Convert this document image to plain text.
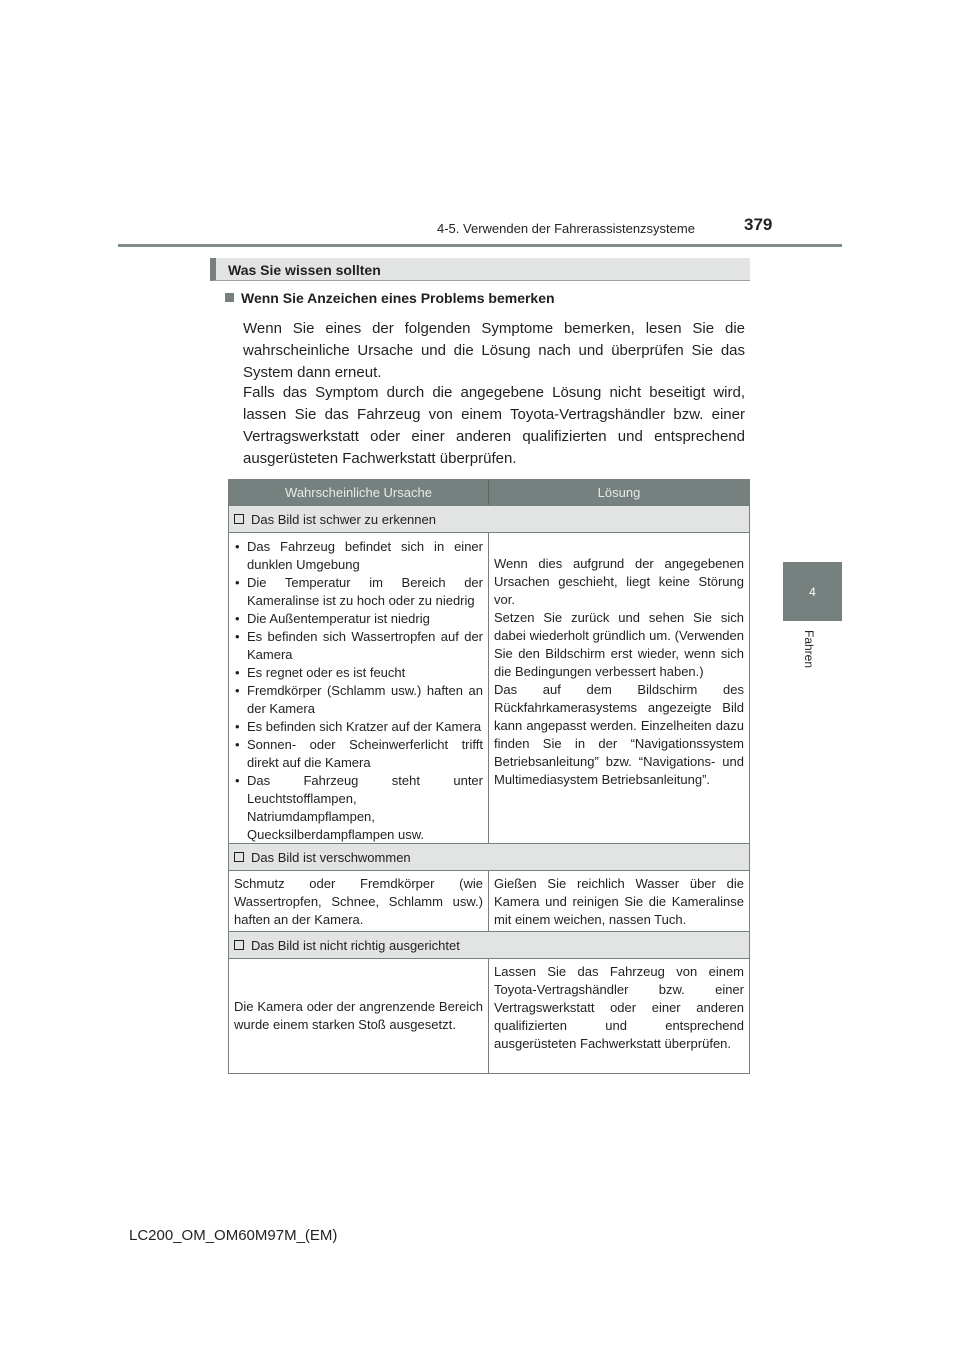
4-5. Verwenden der Fahrerassistenzsysteme	379
4
Fahren
Was Sie wissen sollten
Wenn Sie Anzeichen eines Problems bemerken
Wenn Sie eines der folgenden Symptome bemerken, lesen Sie die wahrscheinliche Ursache und die Lösung nach und überprüfen Sie das System dann erneut.
Falls das Symptom durch die angegebene Lösung nicht beseitigt wird, lassen Sie das Fahrzeug von einem Toyota-Vertragshändler bzw. einer Vertragswerkstatt oder einer anderen qualifizierten und entsprechend ausgerüsteten Fachwerkstatt überprüfen.
Wahrscheinliche Ursache	Lösung
Das Bild ist schwer zu erkennen
• Das Fahrzeug befindet sich in einer dunklen Umgebung
• Die Temperatur im Bereich der Kameralinse ist zu hoch oder zu niedrig
• Die Außentemperatur ist niedrig
• Es befinden sich Wassertropfen auf der Kamera
• Es regnet oder es ist feucht
• Fremdkörper (Schlamm usw.) haften an der Kamera
• Es befinden sich Kratzer auf der Kamera
• Sonnen- oder Scheinwerferlicht trifft direkt auf die Kamera
• Das Fahrzeug steht unter Leuchtstofflampen, Natriumdampflampen, Quecksilberdampflampen usw.
Wenn dies aufgrund der angegebenen Ursachen geschieht, liegt keine Störung vor.
Setzen Sie zurück und sehen Sie sich dabei wiederholt gründlich um. (Verwenden Sie den Bildschirm erst wieder, wenn sich die Bedingungen verbessert haben.)
Das auf dem Bildschirm des Rückfahrkamerasystems angezeigte Bild kann angepasst werden. Einzelheiten dazu finden Sie in der “Navigationssystem Betriebsanleitung” bzw. “Navigations- und Multimediasystem Betriebsanleitung”.
Das Bild ist verschwommen
Schmutz oder Fremdkörper (wie Wassertropfen, Schnee, Schlamm usw.) haften an der Kamera.
Gießen Sie reichlich Wasser über die Kamera und reinigen Sie die Kameralinse mit einem weichen, nassen Tuch.
Das Bild ist nicht richtig ausgerichtet
Die Kamera oder der angrenzende Bereich wurde einem starken Stoß ausgesetzt.
Lassen Sie das Fahrzeug von einem Toyota-Vertragshändler bzw. einer Vertragswerkstatt oder einer anderen qualifizierten und entsprechend ausgerüsteten Fachwerkstatt überprüfen.
LC200_OM_OM60M97M_(EM)
